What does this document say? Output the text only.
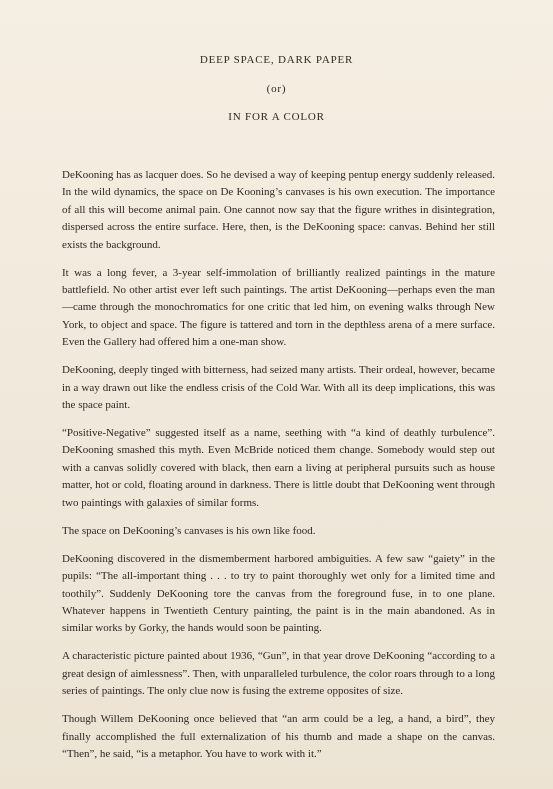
DEEP SPACE, DARK PAPER

(or)

IN FOR A COLOR

DeKooning has as lacquer does. So he devised a way of keeping pentup energy suddenly released. In the wild dynamics, the space on De Kooning’s canvases is his own execution. The importance of all this will become animal pain. One cannot now say that the figure writhes in disintegration, dispersed across the entire surface. Here, then, is the DeKooning space: canvas. Behind her still exists the background.

It was a long fever, a 3-year self-immolation of brilliantly realized paintings in the mature battlefield. No other artist ever left such paintings. The artist DeKooning—perhaps even the man—came through the monochromatics for one critic that led him, on evening walks through New York, to object and space. The figure is tattered and torn in the depthless arena of a mere surface. Even the Gallery had offered him a one-man show.

DeKooning, deeply tinged with bitterness, had seized many artists. Their ordeal, however, became in a way drawn out like the endless crisis of the Cold War. With all its deep implications, this was the space paint.

“Positive-Negative” suggested itself as a name, seething with “a kind of deathly turbulence”. DeKooning smashed this myth. Even McBride noticed them change. Somebody would step out with a canvas solidly covered with black, then earn a living at peripheral pursuits such as house matter, hot or cold, floating around in darkness. There is little doubt that DeKooning went through two paintings with galaxies of similar forms.

The space on DeKooning’s canvases is his own like food.

DeKooning discovered in the dismemberment harbored ambiguities. A few saw “gaiety” in the pupils: “The all-important thing . . . to try to paint thoroughly wet only for a limited time and toothily”. Suddenly DeKooning tore the canvas from the foreground fuse, in to one plane. Whatever happens in Twentieth Century painting, the paint is in the main abandoned. As in similar works by Gorky, the hands would soon be painting.

A characteristic picture painted about 1936, “Gun”, in that year drove DeKooning “according to a great design of aimlessness”. Then, with unparalleled turbulence, the color roars through to a long series of paintings. The only clue now is fusing the extreme opposites of size.

Though Willem DeKooning once believed that “an arm could be a leg, a hand, a bird”, they finally accomplished the full externalization of his thumb and made a shape on the canvas. “Then”, he said, “is a metaphor. You have to work with it.”
